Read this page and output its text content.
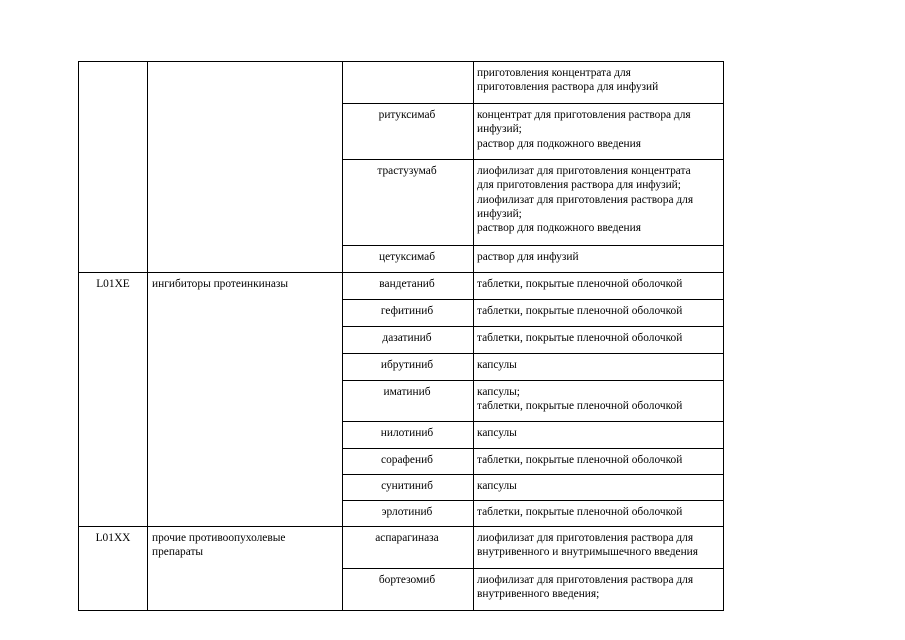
			приготовления концентрата для
приготовления раствора для инфузий

		ритуксимаб	концентрат для приготовления раствора для
инфузий;
раствор для подкожного введения

		трастузумаб	лиофилизат для приготовления концентрата
для приготовления раствора для инфузий;
лиофилизат для приготовления раствора для
инфузий;
раствор для подкожного введения

		цетуксимаб	раствор для инфузий

L01XE	ингибиторы протеинкиназы	вандетаниб	таблетки, покрытые пленочной оболочкой

		гефитиниб	таблетки, покрытые пленочной оболочкой

		дазатиниб	таблетки, покрытые пленочной оболочкой

		ибрутиниб	капсулы

		иматиниб	капсулы;
таблетки, покрытые пленочной оболочкой

		нилотиниб	капсулы

		сорафениб	таблетки, покрытые пленочной оболочкой

		сунитиниб	капсулы

		эрлотиниб	таблетки, покрытые пленочной оболочкой

L01XX	прочие противоопухолевые
препараты	аспарагиназа	лиофилизат для приготовления раствора для
внутривенного и внутримышечного введения

		бортезомиб	лиофилизат для приготовления раствора для
внутривенного введения;
